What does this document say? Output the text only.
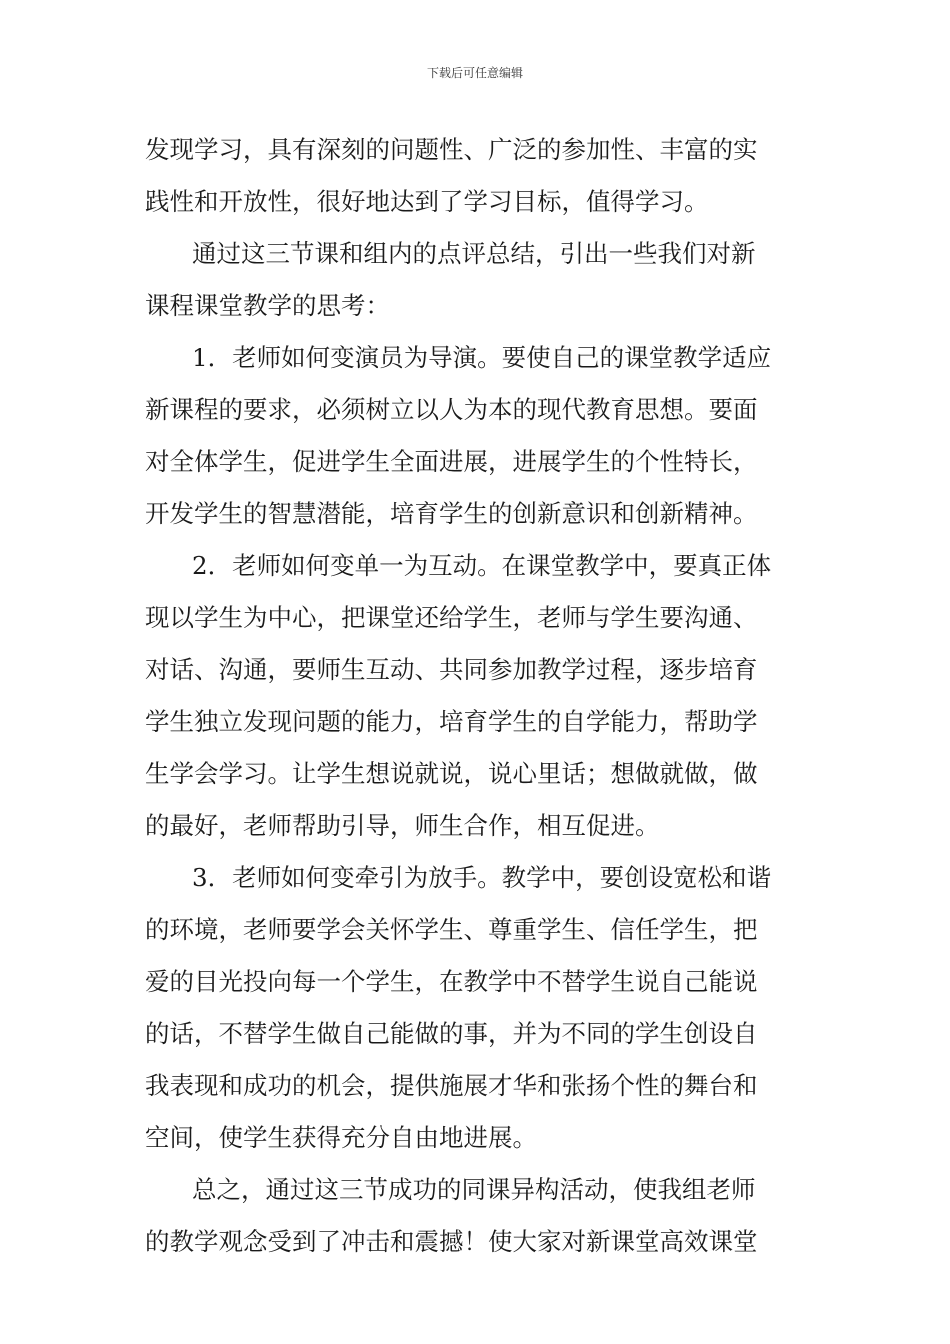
下载后可任意编辑
发现学习，具有深刻的问题性、广泛的参加性、丰富的实
践性和开放性，很好地达到了学习目标，值得学习。
通过这三节课和组内的点评总结，引出一些我们对新
课程课堂教学的思考：
1．老师如何变演员为导演。要使自己的课堂教学适应
新课程的要求，必须树立以人为本的现代教育思想。要面
对全体学生，促进学生全面进展，进展学生的个性特长，
开发学生的智慧潜能，培育学生的创新意识和创新精神。
2．老师如何变单一为互动。在课堂教学中，要真正体
现以学生为中心，把课堂还给学生，老师与学生要沟通、
对话、沟通，要师生互动、共同参加教学过程，逐步培育
学生独立发现问题的能力，培育学生的自学能力，帮助学
生学会学习。让学生想说就说，说心里话；想做就做，做
的最好，老师帮助引导，师生合作，相互促进。
3．老师如何变牵引为放手。教学中，要创设宽松和谐
的环境，老师要学会关怀学生、尊重学生、信任学生，把
爱的目光投向每一个学生，在教学中不替学生说自己能说
的话，不替学生做自己能做的事，并为不同的学生创设自
我表现和成功的机会，提供施展才华和张扬个性的舞台和
空间，使学生获得充分自由地进展。
总之，通过这三节成功的同课异构活动，使我组老师
的教学观念受到了冲击和震撼！使大家对新课堂高效课堂
